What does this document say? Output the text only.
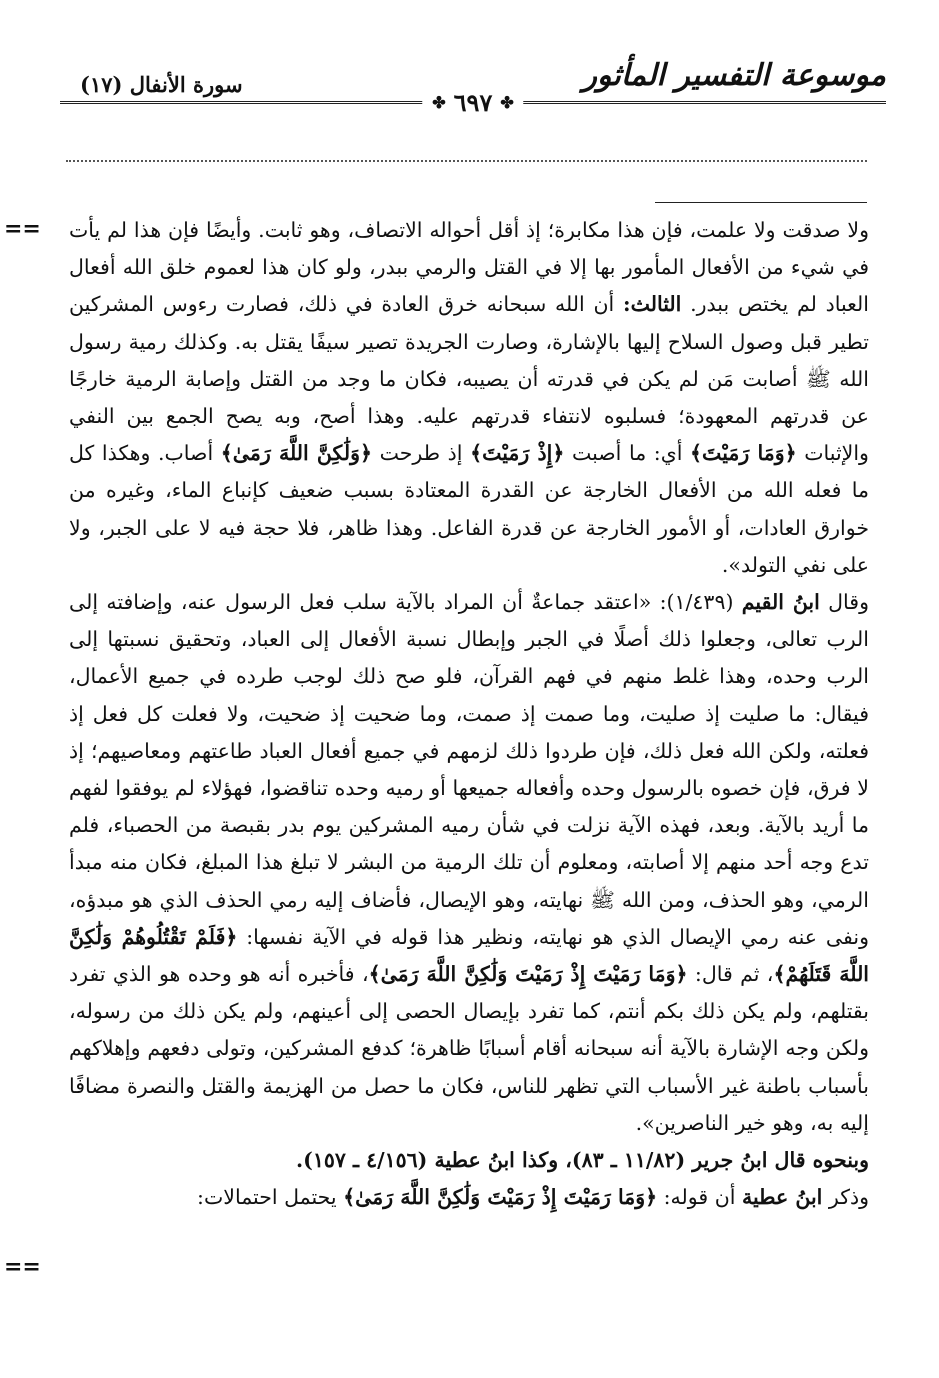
موسوعة التفسير المأثور
سورة الأنفال (١٧)
✤
٦٩٧
✤
==
==

ولا صدقت ولا علمت، فإن هذا مكابرة؛ إذ أقل أحواله الاتصاف، وهو ثابت. وأيضًا فإن هذا لم يأت في شيء من الأفعال المأمور بها إلا في القتل والرمي ببدر، ولو كان هذا لعموم خلق الله أفعال العباد لم يختص ببدر. الثالث: أن الله سبحانه خرق العادة في ذلك، فصارت رءوس المشركين تطير قبل وصول السلاح إليها بالإشارة، وصارت الجريدة تصير سيفًا يقتل به. وكذلك رمية رسول الله ﷺ أصابت مَن لم يكن في قدرته أن يصيبه، فكان ما وجد من القتل وإصابة الرمية خارجًا عن قدرتهم المعهودة؛ فسلبوه لانتفاء قدرتهم عليه. وهذا أصح، وبه يصح الجمع بين النفي والإثبات ﴿وَمَا رَمَيْتَ﴾ أي: ما أصبت ﴿إِذْ رَمَيْتَ﴾ إذ طرحت ﴿وَلَٰكِنَّ اللَّهَ رَمَىٰ﴾ أصاب. وهكذا كل ما فعله الله من الأفعال الخارجة عن القدرة المعتادة بسبب ضعيف كإنباع الماء، وغيره من خوارق العادات، أو الأمور الخارجة عن قدرة الفاعل. وهذا ظاهر، فلا حجة فيه لا على الجبر، ولا على نفي التولد».

وقال ابنُ القيم (١/٤٣٩): «اعتقد جماعةٌ أن المراد بالآية سلب فعل الرسول عنه، وإضافته إلى الرب تعالى، وجعلوا ذلك أصلًا في الجبر وإبطال نسبة الأفعال إلى العباد، وتحقيق نسبتها إلى الرب وحده، وهذا غلط منهم في فهم القرآن، فلو صح ذلك لوجب طرده في جميع الأعمال، فيقال: ما صليت إذ صليت، وما صمت إذ صمت، وما ضحيت إذ ضحيت، ولا فعلت كل فعل إذ فعلته، ولكن الله فعل ذلك، فإن طردوا ذلك لزمهم في جميع أفعال العباد طاعتهم ومعاصيهم؛ إذ لا فرق، فإن خصوه بالرسول وحده وأفعاله جميعها أو رميه وحده تناقضوا، فهؤلاء لم يوفقوا لفهم ما أريد بالآية. وبعد، فهذه الآية نزلت في شأن رميه المشركين يوم بدر بقبصة من الحصباء، فلم تدع وجه أحد منهم إلا أصابته، ومعلوم أن تلك الرمية من البشر لا تبلغ هذا المبلغ، فكان منه مبدأ الرمي، وهو الحذف، ومن الله ﷺ نهايته، وهو الإيصال، فأضاف إليه رمي الحذف الذي هو مبدؤه، ونفى عنه رمي الإيصال الذي هو نهايته، ونظير هذا قوله في الآية نفسها: ﴿فَلَمْ تَقْتُلُوهُمْ وَلَٰكِنَّ اللَّهَ قَتَلَهُمْ﴾، ثم قال: ﴿وَمَا رَمَيْتَ إِذْ رَمَيْتَ وَلَٰكِنَّ اللَّهَ رَمَىٰ﴾، فأخبره أنه هو وحده هو الذي تفرد بقتلهم، ولم يكن ذلك بكم أنتم، كما تفرد بإيصال الحصى إلى أعينهم، ولم يكن ذلك من رسوله، ولكن وجه الإشارة بالآية أنه سبحانه أقام أسبابًا ظاهرة؛ كدفع المشركين، وتولى دفعهم وإهلاكهم بأسباب باطنة غير الأسباب التي تظهر للناس، فكان ما حصل من الهزيمة والقتل والنصرة مضافًا إليه به، وهو خير الناصرين».

وبنحوه قال ابنُ جرير (١١/٨٢ ـ ٨٣)، وكذا ابنُ عطية (٤/١٥٦ ـ ١٥٧).

وذكر ابنُ عطية أن قوله: ﴿وَمَا رَمَيْتَ إِذْ رَمَيْتَ وَلَٰكِنَّ اللَّهَ رَمَىٰ﴾ يحتمل احتمالات:
